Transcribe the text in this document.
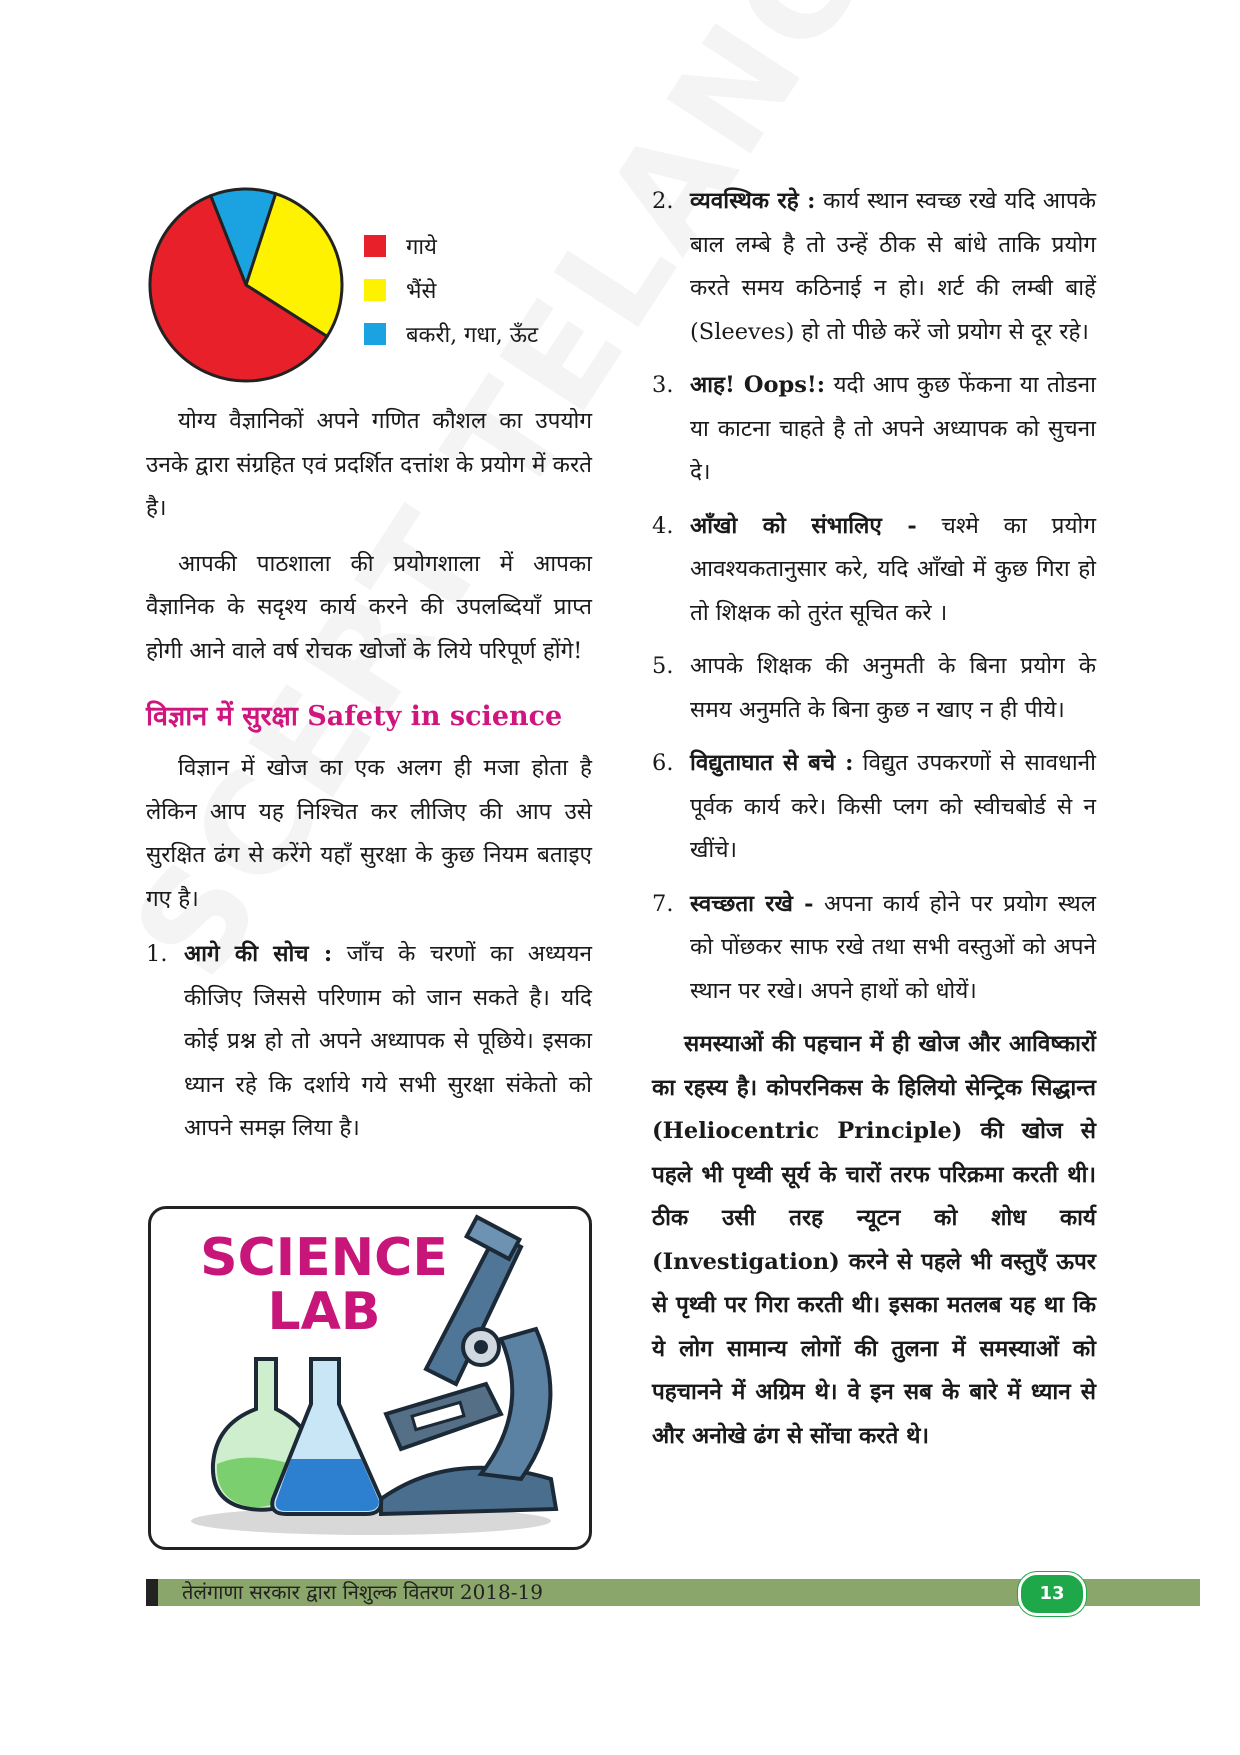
गाये
भैंसे
बकरी, गधा, ऊँट

योग्य वैज्ञानिकों अपने गणित कौशल का उपयोग उनके द्वारा संग्रहित एवं प्रदर्शित दत्तांश के प्रयोग में करते है।

आपकी पाठशाला की प्रयोगशाला में आपका वैज्ञानिक के सदृश्य कार्य करने की उपलब्दियाँ प्राप्त होगी आने वाले वर्ष रोचक खोजों के लिये परिपूर्ण होंगे!

विज्ञान में सुरक्षा Safety in science

विज्ञान में खोज का एक अलग ही मजा होता है लेकिन आप यह निश्चित कर लीजिए की आप उसे सुरक्षित ढंग से करेंगे यहाँ सुरक्षा के कुछ नियम बताइए गए है।

1. आगे की सोच : जाँच के चरणों का अध्ययन कीजिए जिससे परिणाम को जान सकते है। यदि कोई प्रश्न हो तो अपने अध्यापक से पूछिये। इसका ध्यान रहे कि दर्शाये गये सभी सुरक्षा संकेतो को आपने समझ लिया है।
SCIENCE
LAB
2. व्यवस्थिक रहे : कार्य स्थान स्वच्छ रखे यदि आपके बाल लम्बे है तो उन्हें ठीक से बांधे ताकि प्रयोग करते समय कठिनाई न हो। शर्ट की लम्बी बाहें (Sleeves) हो तो पीछे करें जो प्रयोग से दूर रहे।
3. आह! Oops!: यदी आप कुछ फेंकना या तोडना या काटना चाहते है तो अपने अध्यापक को सुचना दे।
4. आँखो को संभालिए - चश्मे का प्रयोग आवश्यकतानुसार करे, यदि आँखो में कुछ गिरा हो तो शिक्षक को तुरंत सूचित करे ।
5. आपके शिक्षक की अनुमती के बिना प्रयोग के समय अनुमति के बिना कुछ न खाए न ही पीये।
6. विद्युताघात से बचे : विद्युत उपकरणों से सावधानी पूर्वक कार्य करे। किसी प्लग को स्वीचबोर्ड से न खींचे।
7. स्वच्छता रखे - अपना कार्य होने पर प्रयोग स्थल को पोंछकर साफ रखे तथा सभी वस्तुओं को अपने स्थान पर रखे। अपने हाथों को धोयें।

समस्याओं की पहचान में ही खोज और आविष्कारों का रहस्य है। कोपरनिकस के हिलियो सेन्ट्रिक सिद्धान्त (Heliocentric Principle) की खोज से पहले भी पृथ्वी सूर्य के चारों तरफ परिक्रमा करती थी। ठीक उसी तरह न्यूटन को शोध कार्य (Investigation) करने से पहले भी वस्तुएँ ऊपर से पृथ्वी पर गिरा करती थी। इसका मतलब यह था कि ये लोग सामान्य लोगों की तुलना में समस्याओं को पहचानने में अग्रिम थे। वे इन सब के बारे में ध्यान से और अनोखे ढंग से सोंचा करते थे।

तेलंगाणा सरकार द्वारा निशुल्क वितरण 2018-19	13
